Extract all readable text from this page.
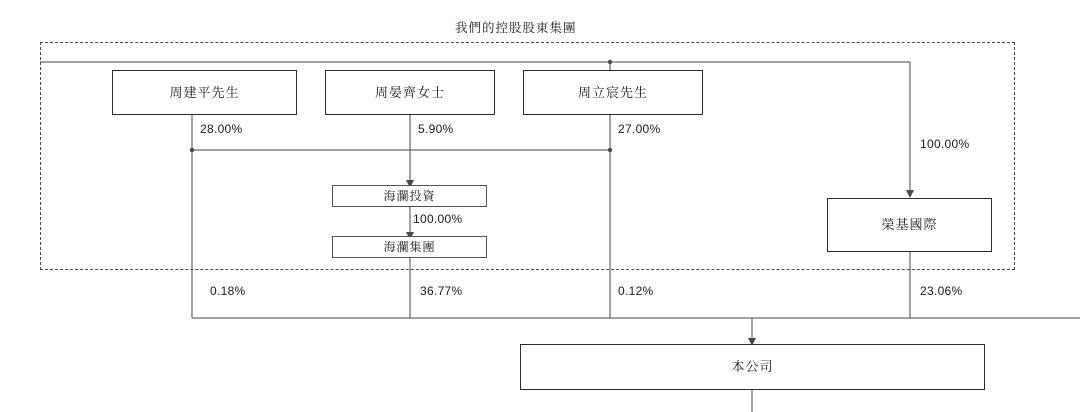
我們的控股股東集團
周建平先生	周晏齊女士	周立宸先生
海瀾投資
海瀾集團
榮基國際
本公司
28.00%	5.90%	27.00%
100.00%
100.00%
0.18%	36.77%	0.12%	23.06%
